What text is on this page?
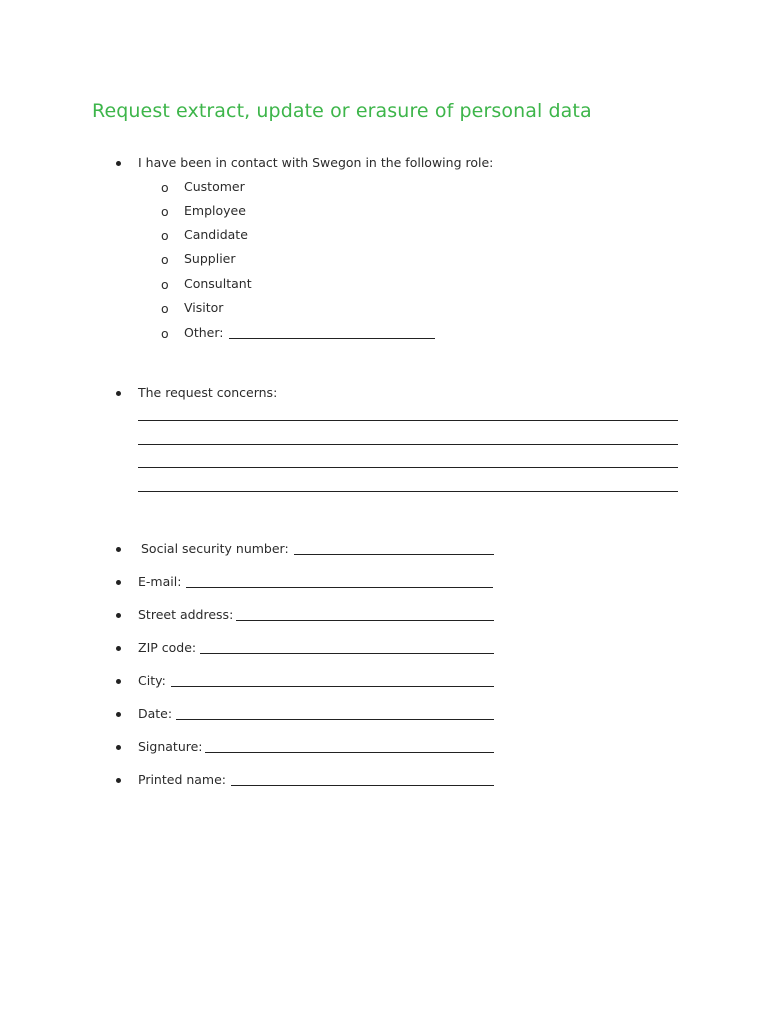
Request extract, update or erasure of personal data
I have been in contact with Swegon in the following role:
o Customer
o Employee
o Candidate
o Supplier
o Consultant
o Visitor
o Other:
The request concerns:
Social security number:
E-mail:
Street address:
ZIP code:
City:
Date:
Signature:
Printed name:
